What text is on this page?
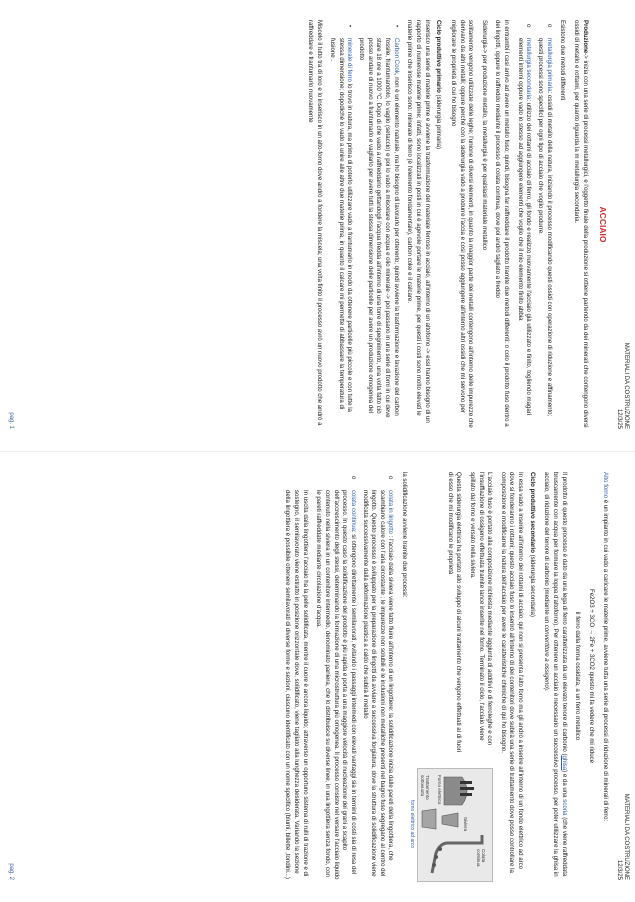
MATERIALI DA COSTRUZIONE
12/3/25
ACCIAIO

Produzione-> inizia con una serie di processi metallurgici, e l'oggetto finale della produzione si ottiene partendo da dei minerali che contengono diversi ossidi di metallo e rottami, per quanto riguarda la m metallurgia secondaria.

Esistono due metodi differenti

o metallurgia primaria: ossidi di metallo della natura, iniziando il processo modificando questi ossidi con operazione di riduzione e affinamento; questi processi sono specifici per ogni tipo di acciaio che voglio produrre.
o metallurgia secondaria: utilizzo dei rottami di acciaio di ferro, gli fondo e realizzo nuovamente l'acciaio già utilizzato e finito, togliendo magari elementi interni oppure vado io stesso ad aggiungere elementi che voglio che il mio elemento finito abbia

in entrambi i casi arrivo ad avere un metallo fuso; quindi, bisogna far raffreddare il prodotto tramite due metodi differenti: o colo il prodotto fuso dentro a dei lingotti, oppure lo raffreddo mediante il processo di colata continua, dove poi andrò tagliato a freddo

Siderurgia-> per produzione metallo, la metallurgia è per qualsiasi materiale metallico

solitamente vengono utilizzate delle leghe; l'unione di diversi elementi, in quanto la maggior parte dei metalli contengono all'interno delle impurezze che derivano da altri metalli; oppure perché con la siderurgia vado a produrre l'accia e così posso aggiungere all'interno altri ossidi che mi servono per migliorare le proprietà di cui ho bisogno

Ciclo produttivo primario (siderurgia primaria)

inserisco una serie di materie prime e avviene la trasformazione del materiale ferroso in acciaio, all'interno di un altoforno -> essi hanno bisogno di un rapporto di numerose materie prime; infatti, sono localizzati in posti in cui è agevole portare le materie prime, per questi i costi sono molto elevati le materie prime che inserisco sono: minerale di ferro (è l'elemento fondamentale), carbon coke e il calcare.

• Carbon Cook, non è un elemento naturale, ma ho bisogno di lavorarlo per ottenerlo; quindi avviene la trasformazione e lavazione del carbon fossile, frantumandolo, lo vaglio (setaccio) e poi lo vado a miscelare con acqua e olio minerale -> poi passano in una serie di forni in cui deve stare 18 ore a 1000 °C. Dopo di che vado a raffreddarlo gettandogli l'acqua fredda all'interno di una torre di spegnimento, una volta fatto ciò posso andare di nuovo a frantumarlo e vagliarlo per avere tutti la stessa dimensione delle particelle per avere un produzione omogenea del prodotto
• minerale di ferro lo trovo in natura, ma prima di poterlo utilizzare vado a frantumarlo in modo da ottenere particelle più piccole e con tutte la stessa dimensione; dopodiché lo vado a unire alle altre due materie prima, in quanto il calcare mi permette di abbassare la temperatura di fusione .

Miscelo il tutto tra di loro e lo inserisco in un alto-forno dove andrò a fondere la miscela; una volta finito il processo avrò un nuovo prodotto che andrò a raffreddare e frantumarlo nuovamente

pag. 1
MATERIALI DA COSTRUZIONE
12/3/25

Alto forno è un impianto in cui vado a caricare le materie prime, avviene tutta una serie di processi di riduzione di minerali di ferro:

Fe2O3 + 3CO → 2Fe + 3CO2 questo mi fa vedere che mi riduce

il ferro dalla forma ossidata, a un ferro metallico

Il prodotto di questo processo è dato da una lega di ferro caratterizzata da un elevato tenore di carbonio (ghisa) e da una scoria (che viene raffreddata bruscamente con acqua per formare la loppa d'altoforno). Per ottenere un acciaio è necessario un successivo processo, per poter utilizzare la ghisa in acciaio, di riduzione del tenore di carbonio (mediante un convertitore a ossigeno).

Ciclo produttivo secondario (siderurgia secondaria)

In essa vado a inserire all'interno dei rottami di acciaio; qui non si presenta l'alto forno ma gli andrò a inserire all'interno di un fondo elettrico ad arco dove si fonderanno i rottami; questo acciaio fuso lo inserirò all'interno di dei contenitori dove subirà una serie di trattamento dove posso controllare la composizione e modificarne la natura dell'acciaio per avere le caratteristiche chimiche di qui ho bisogno.

L'acciaio fuso è portato alla composizione richiesta mediante aggiunta di additivi e di ferroleghe e con l'insufflazione di ossigeno effettuata tramite lance inserite nel forno. Terminato il ciclo, l'acciaio viene spillato dal forno e versato nella siviera.

Questa siderurgia elettrica ha portato allo sviluppo di alcuni trattamento che vengono effettuati al di fuori di esso che mi modificano le proprietà

Siviera
Colata continua
Forno elettrico
Trattamento sottovuoto
forno elettrico ad arco

la solidificazione avviene tramite due processi:

o colata in lingotto : l'acciaio dalla siviera viene fatto fluire all'interno di un lingottiere: la solidificazione inizia dalle pareti della lingottiera, che scambiano calore con l'aria circostante ; le impurezze non solubili e le inclusioni non metalliche presenti nel bagno fuso segregano al centro del lingotto. Questo processo è sviluppato per la preparazione di lingotti da avviare a successiva forgiatura, dove la struttura di solidificazione viene modificata successivamente dalla deformazione plastica a caldo che subirà il metallo
o colata continua: si ottengono direttamente i semilavorati, evitando i passaggi intermedi con elevati vantaggi sia in termini di costi sia di resa del processo. In questo caso la solidificazione del prodotto è più rapida e porta a una maggiore velocità di nucleazione dei grani a scapito dell'accrescimento degli stessi, determinando la formazione di una microstruttura più omogenea. Il processo consiste nel versare l'acciaio liquido contenuto nella siviera in un contenitore intermedio, denominato paniera, che lo distribuisce su diverse linee, in una lingottiera senza fondo, con le pareti raffreddate mediante circolazione d'acqua.

In uscita dalla lingottiera l'acciaio ha la pelle solidificata, mentre il cuore è ancora liquido; attraverso un opportuno sistema di rulli di trazione e di sostegno, il semilavorato viene estratto in posizione orizzontale dove, solidificato, viene tagliato alla lunghezza desiderata. Variando la sezione della lingottiera è possibile ottenere semilavorati di diverse forme e sezioni, ciascuno identificato con un nome specifico (blumi, billette ,tondini...)

pag. 2
